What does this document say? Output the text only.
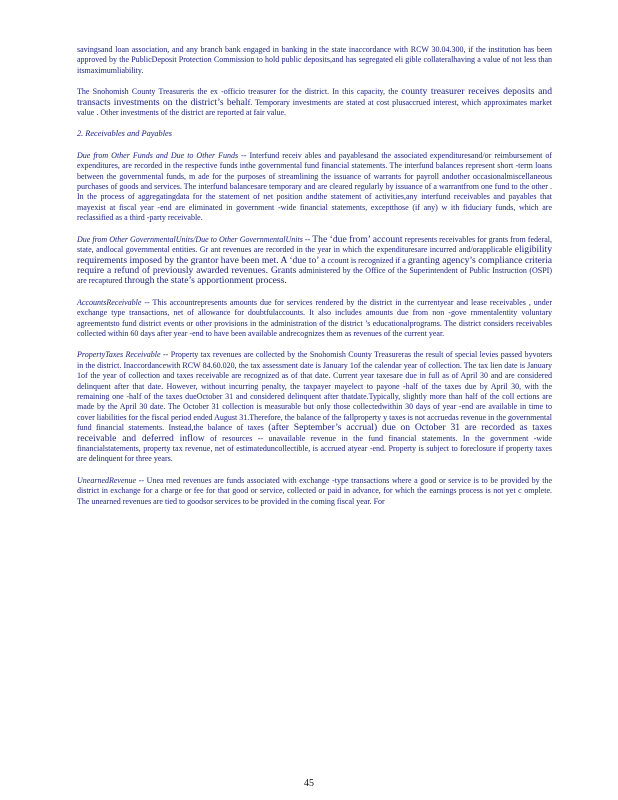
savingsand loan association, and any branch bank engaged in banking in the state inaccordance with RCW 30.04.300, if the institution has been approved by the PublicDeposit Protection Commission to hold public deposits,and has segregated eli gible collateralhaving a value of not less than itsmaximumliability.

The Snohomish County Treasureris the ex -officio treasurer for the district. In this capacity, the county treasurer receives deposits and transacts investments on the district’s behalf. Temporary investments are stated at cost plusaccrued interest, which approximates market value . Other investments of the district are reported at fair value.

2. Receivables and Payables

Due from Other Funds and Due to Other Funds -- Interfund receiv ables and payablesand the associated expendituresand/or reimbursement of expenditures, are recorded in the respective funds inthe governmental fund financial statements. The interfund balances represent short -term loans between the governmental funds, m ade for the purposes of streamlining the issuance of warrants for payroll andother occasionalmiscellaneous purchases of goods and services. The interfund balancesare temporary and are cleared regularly by issuance of a warrantfrom one fund to the other . In the process of aggregatingdata for the statement of net position andthe statement of activities,any interfund receivables and payables that mayexist at fiscal year -end are eliminated in government -wide financial statements, exceptthose (if any) w ith fiduciary funds, which are reclassified as a third -party receivable.

Due from Other GovernmentalUnits/Due to Other GovernmentalUnits -- The ‘due from’ account represents receivables for grants from federal, state, andlocal governmental entities. Gr ant revenues are recorded in the year in which the expendituresare incurred and/orapplicable eligibility requirements imposed by the grantor have been met. A ‘due to’ a ccount is recognized if a granting agency’s compliance criteria require a refund of previously awarded revenues. Grants administered by the Office of the Superintendent of Public Instruction (OSPI) are recaptured through the state’s apportionment process.

AccountsReceivable -- This accountrepresents amounts due for services rendered by the district in the currentyear and lease receivables , under exchange type transactions, net of allowance for doubtfulaccounts. It also includes amounts due from non -gove rnmentalentity voluntary agreementsto fund district events or other provisions in the administration of the district ’s educationalprograms. The district considers receivables collected within 60 days after year -end to have been available andrecognizes them as revenues of the current year.

PropertyTaxes Receivable -- Property tax revenues are collected by the Snohomish County Treasureras the result of special levies passed byvoters in the district. Inaccordancewith RCW 84.60.020, the tax assessment date is January 1of the calendar year of collection. The tax lien date is January 1of the year of collection and taxes receivable are recognized as of that date. Current year taxesare due in full as of April 30 and are considered delinquent after that date. However, without incurring penalty, the taxpayer mayelect to payone -half of the taxes due by April 30, with the remaining one -half of the taxes dueOctober 31 and considered delinquent after thatdate.Typically, slightly more than half of the coll ections are made by the April 30 date. The October 31 collection is measurable but only those collectedwithin 30 days of year -end are available in time to cover liabilities for the fiscal period ended August 31.Therefore, the balance of the fallproperty y taxes is not accruedas revenue in the governmental fund financial statements. Instead,the balance of taxes (after September’s accrual) due on October 31 are recorded as taxes receivable and deferred inflow of resources -- unavailable revenue in the fund financial statements. In the government -wide financialstatements, property tax revenue, net of estimateduncollectible, is accrued atyear -end. Property is subject to foreclosure if property taxes are delinquent for three years.

UnearnedRevenue -- Unea rned revenues are funds associated with exchange -type transactions where a good or service is to be provided by the district in exchange for a charge or fee for that good or service, collected or paid in advance, for which the earnings process is not yet c omplete. The unearned revenues are tied to goodsor services to be provided in the coming fiscal year. For

45
